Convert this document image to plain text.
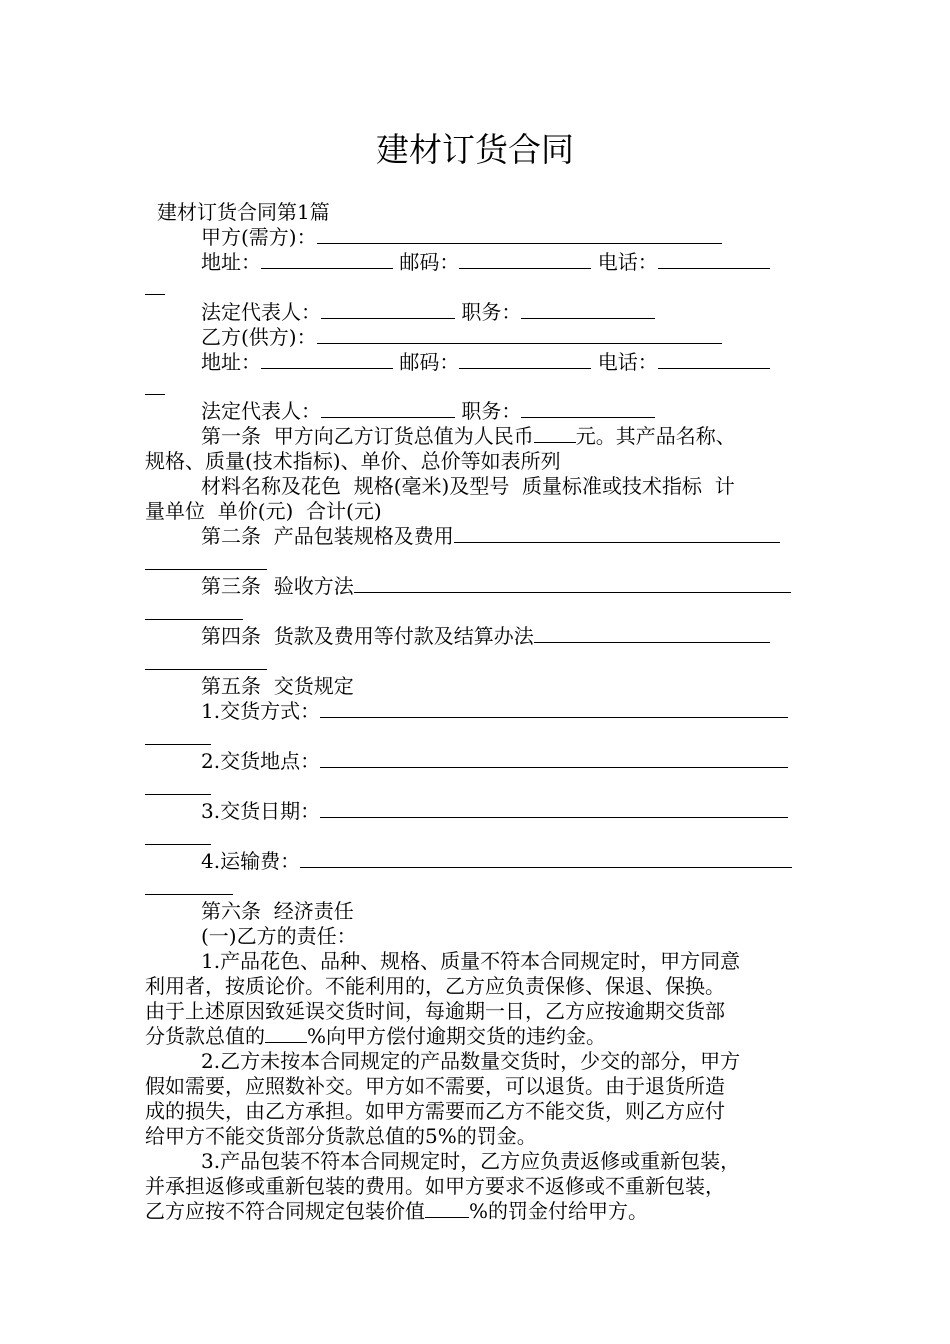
建材订货合同
建材订货合同第1篇
甲方(需方)：
地址：	邮码：	电话：
法定代表人：	职务：
乙方(供方)：
地址：	邮码：	电话：
法定代表人：	职务：
第一条  甲方向乙方订货总值为人民币 元。其产品名称、
规格、质量(技术指标)、单价、总价等如表所列
材料名称及花色  规格(毫米)及型号  质量标准或技术指标  计
量单位  单价(元)  合计(元)
第二条  产品包装规格及费用
第三条  验收方法
第四条  货款及费用等付款及结算办法
第五条  交货规定
1.交货方式：
2.交货地点：
3.交货日期：
4.运输费：
第六条  经济责任
(一)乙方的责任：
1.产品花色、品种、规格、质量不符本合同规定时，甲方同意
利用者，按质论价。不能利用的，乙方应负责保修、保退、保换。
由于上述原因致延误交货时间，每逾期一日，乙方应按逾期交货部
分货款总值的 %向甲方偿付逾期交货的违约金。
2.乙方未按本合同规定的产品数量交货时，少交的部分，甲方
假如需要，应照数补交。甲方如不需要，可以退货。由于退货所造
成的损失，由乙方承担。如甲方需要而乙方不能交货，则乙方应付
给甲方不能交货部分货款总值的5%的罚金。
3.产品包装不符本合同规定时，乙方应负责返修或重新包装，
并承担返修或重新包装的费用。如甲方要求不返修或不重新包装，
乙方应按不符合同规定包装价值 %的罚金付给甲方。
